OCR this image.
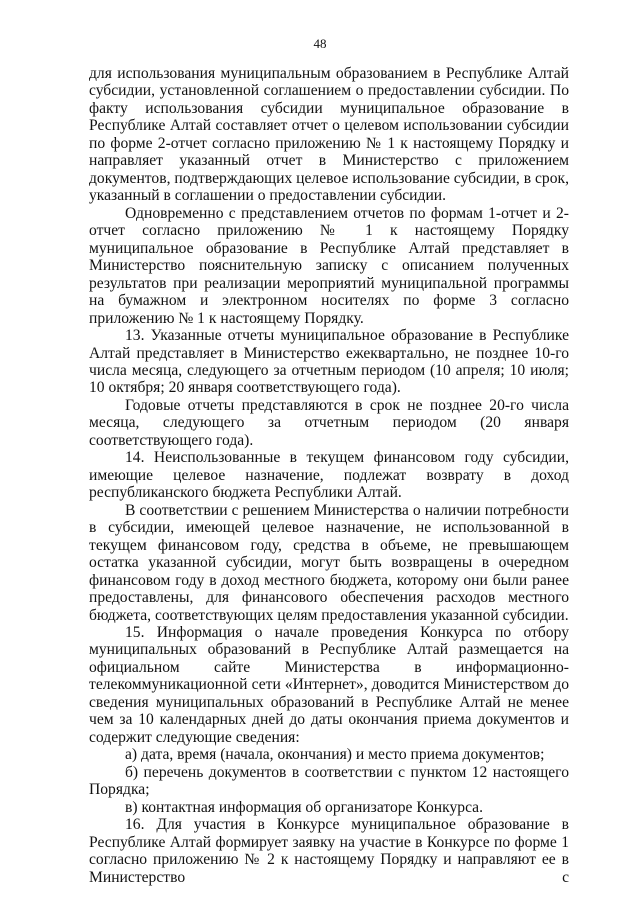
48

для использования муниципальным образованием в Республике Алтай субсидии, установленной соглашением о предоставлении субсидии. По факту использования субсидии муниципальное образование в Республике Алтай составляет отчет о целевом использовании субсидии по форме 2-отчет согласно приложению № 1 к настоящему Порядку и направляет указанный отчет в Министерство с приложением документов, подтверждающих целевое использование субсидии, в срок, указанный в соглашении о предоставлении субсидии.

Одновременно с представлением отчетов по формам 1-отчет и 2-отчет согласно приложению № 1 к настоящему Порядку муниципальное образование в Республике Алтай представляет в Министерство пояснительную записку с описанием полученных результатов при реализации мероприятий муниципальной программы на бумажном и электронном носителях по форме 3 согласно приложению № 1 к настоящему Порядку.

13. Указанные отчеты муниципальное образование в Республике Алтай представляет в Министерство ежеквартально, не позднее 10-го числа месяца, следующего за отчетным периодом (10 апреля; 10 июля; 10 октября; 20 января соответствующего года).

Годовые отчеты представляются в срок не позднее 20-го числа месяца, следующего за отчетным периодом (20 января соответствующего года).

14. Неиспользованные в текущем финансовом году субсидии, имеющие целевое назначение, подлежат возврату в доход республиканского бюджета Республики Алтай.

В соответствии с решением Министерства о наличии потребности в субсидии, имеющей целевое назначение, не использованной в текущем финансовом году, средства в объеме, не превышающем остатка указанной субсидии, могут быть возвращены в очередном финансовом году в доход местного бюджета, которому они были ранее предоставлены, для финансового обеспечения расходов местного бюджета, соответствующих целям предоставления указанной субсидии.

15. Информация о начале проведения Конкурса по отбору муниципальных образований в Республике Алтай размещается на официальном сайте Министерства в информационно-телекоммуникационной сети «Интернет», доводится Министерством до сведения муниципальных образований в Республике Алтай не менее чем за 10 календарных дней до даты окончания приема документов и содержит следующие сведения:

а) дата, время (начала, окончания) и место приема документов;

б) перечень документов в соответствии с пунктом 12 настоящего Порядка;

в) контактная информация об организаторе Конкурса.

16. Для участия в Конкурсе муниципальное образование в Республике Алтай формирует заявку на участие в Конкурсе по форме 1 согласно приложению № 2 к настоящему Порядку и направляют ее в Министерство с
